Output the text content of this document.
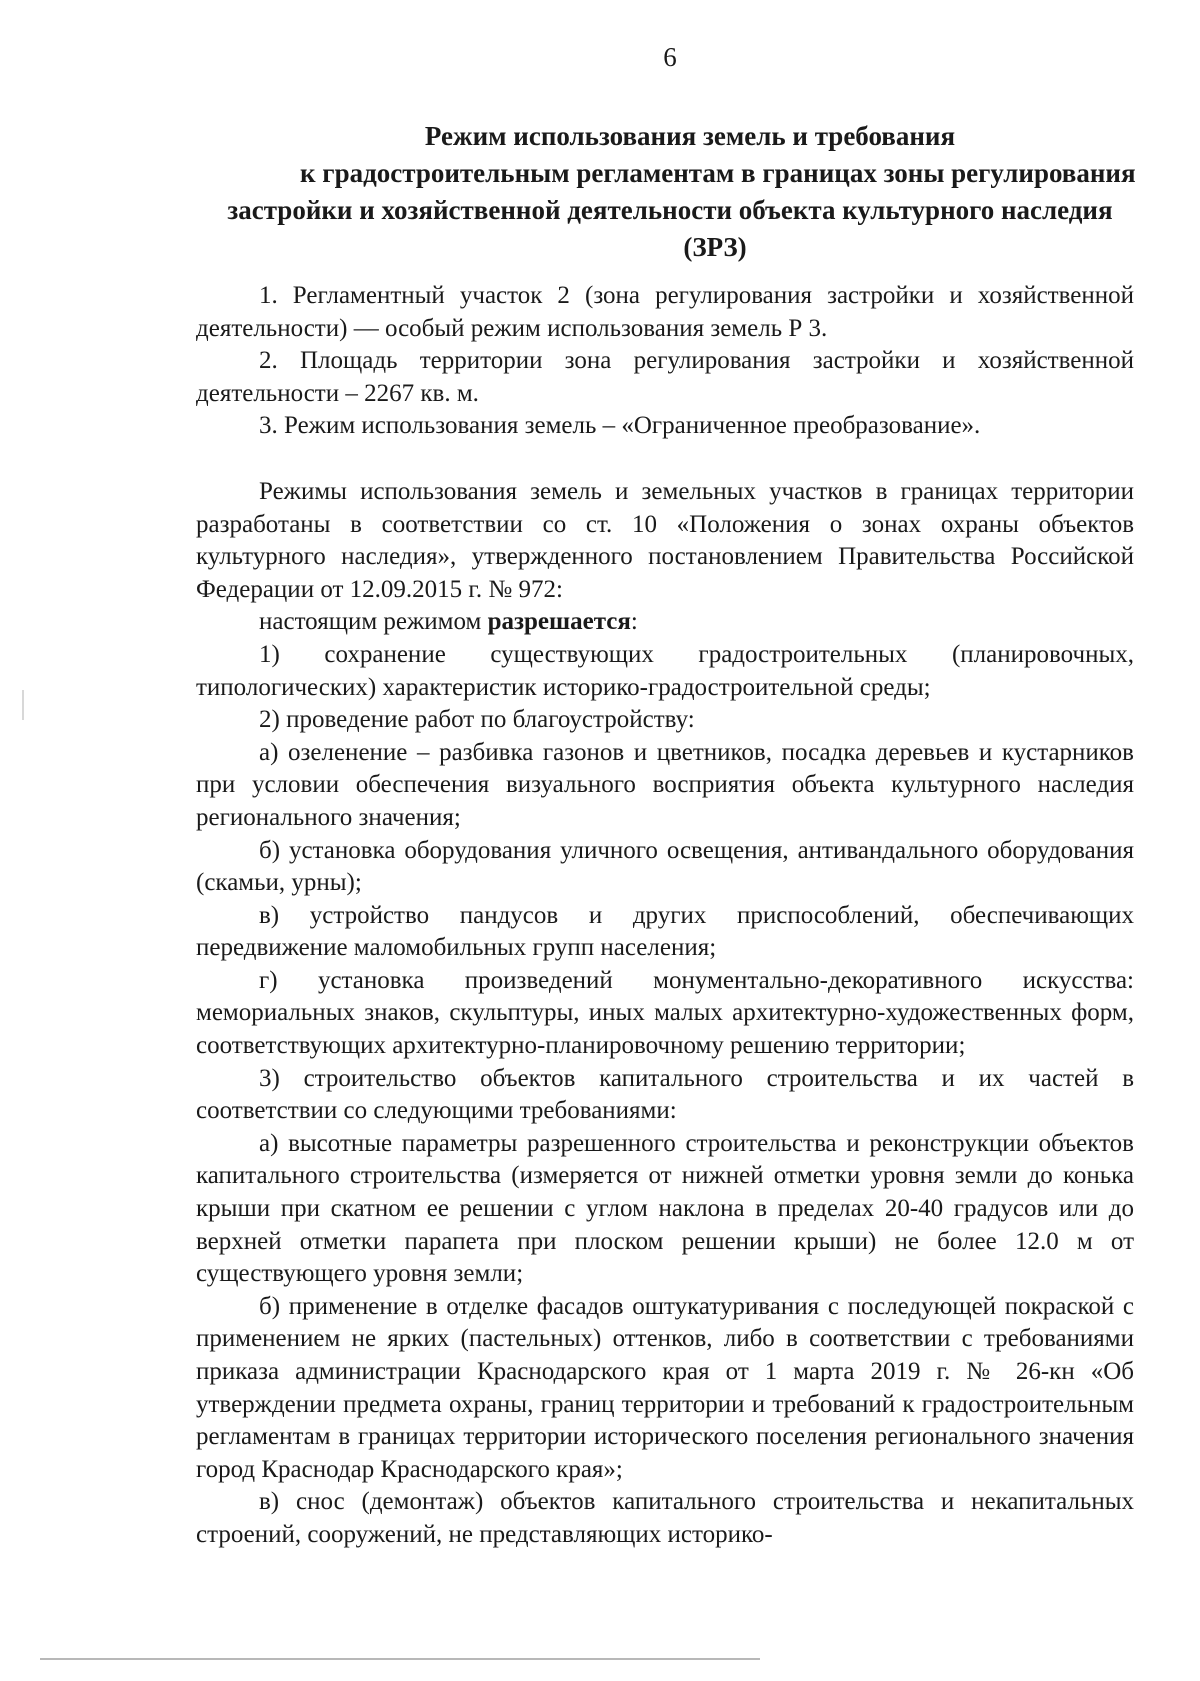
6
Режим использования земель и требования
к градостроительным регламентам в границах зоны регулирования
застройки и хозяйственной деятельности объекта культурного наследия
(ЗРЗ)

1. Регламентный участок 2 (зона регулирования застройки и хозяйственной деятельности) — особый режим использования земель Р 3.

2. Площадь территории зона регулирования застройки и хозяйственной деятельности – 2267 кв. м.

3. Режим использования земель – «Ограниченное преобразование».

Режимы использования земель и земельных участков в границах территории разработаны в соответствии со ст. 10 «Положения о зонах охраны объектов культурного наследия», утвержденного постановлением Правительства Российской Федерации от 12.09.2015 г. № 972:

настоящим режимом разрешается:

1) сохранение существующих градостроительных (планировочных, типологических) характеристик историко-градостроительной среды;

2) проведение работ по благоустройству:

а) озеленение – разбивка газонов и цветников, посадка деревьев и кустарников при условии обеспечения визуального восприятия объекта культурного наследия регионального значения;

б) установка оборудования уличного освещения, антивандального оборудования (скамьи, урны);

в) устройство пандусов и других приспособлений, обеспечивающих передвижение маломобильных групп населения;

г) установка произведений монументально-декоративного искусства: мемориальных знаков, скульптуры, иных малых архитектурно-художественных форм, соответствующих архитектурно-планировочному решению территории;

3) строительство объектов капитального строительства и их частей в соответствии со следующими требованиями:

а) высотные параметры разрешенного строительства и реконструкции объектов капитального строительства (измеряется от нижней отметки уровня земли до конька крыши при скатном ее решении с углом наклона в пределах 20-40 градусов или до верхней отметки парапета при плоском решении крыши) не более 12.0 м от существующего уровня земли;

б) применение в отделке фасадов оштукатуривания с последующей покраской с применением не ярких (пастельных) оттенков, либо в соответствии с требованиями приказа администрации Краснодарского края от 1 марта 2019 г. № 26-кн «Об утверждении предмета охраны, границ территории и требований к градостроительным регламентам в границах территории исторического поселения регионального значения город Краснодар Краснодарского края»;

в) снос (демонтаж) объектов капитального строительства и некапитальных строений, сооружений, не представляющих историко-
